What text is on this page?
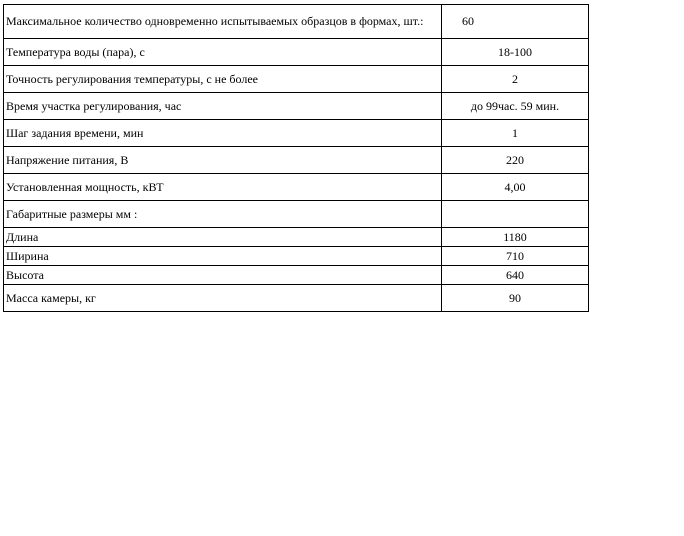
Максимальное количество одновременно испытываемых образцов в формах, шт.:	60
Температура воды (пара), с	18-100
Точность регулирования температуры, с не более	2
Время участка регулирования, час	до 99час. 59 мин.
Шаг задания времени, мин	1
Напряжение питания, В	220
Установленная мощность, кВТ	4,00
Габаритные размеры мм :	
Длина	1180
Ширина	710
Высота	640
Масса камеры, кг	90
